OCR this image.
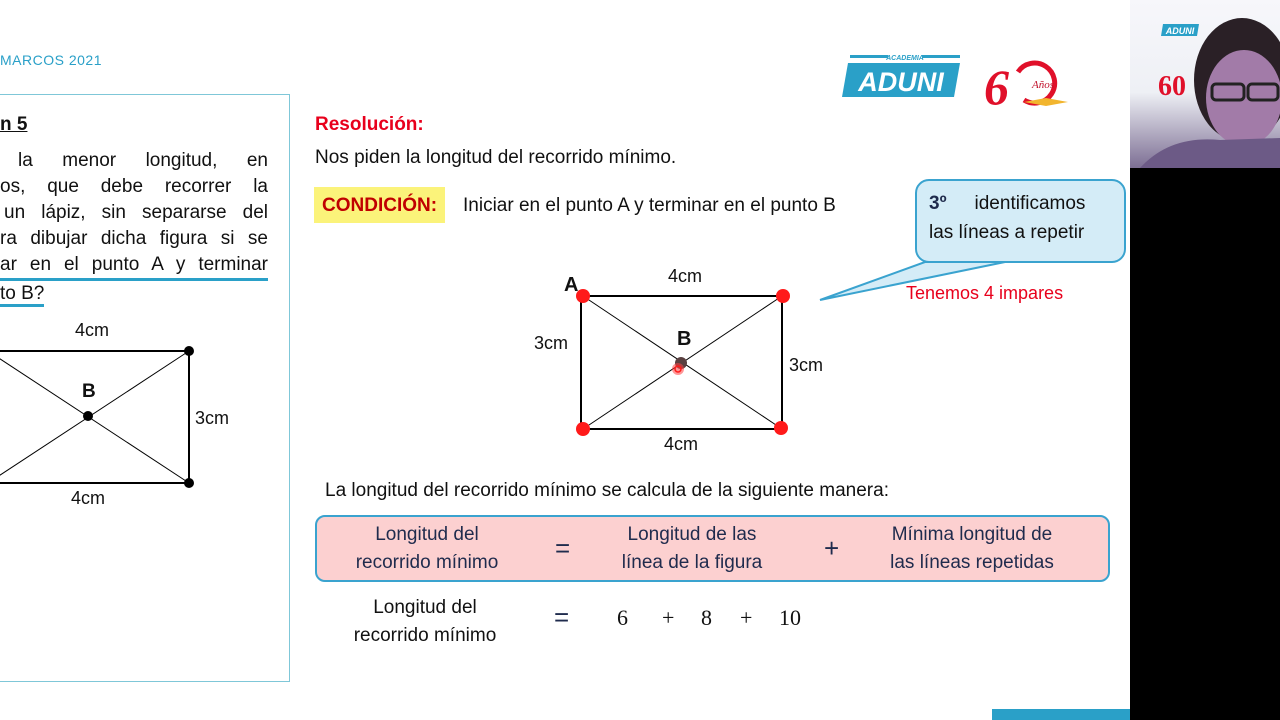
MARCOS 2021	ACADEMIA
ADUNI 6 Años
n 5
la menor longitud, en
os, que debe recorrer la
un lápiz, sin separarse del
ra dibujar dicha figura si se
ar en el punto A y terminar
to B?
4cm
B
3cm
4cm
Resolución:
Nos piden la longitud del recorrido mínimo.
CONDICIÓN:	Iniciar en el punto A y terminar en el punto B	3º identificamos
las líneas a repetir
Tenemos 4 impares
A
B
4cm
3cm
3cm
4cm
La longitud del recorrido mínimo se calcula de la siguiente manera:
Longitud del
recorrido mínimo	=	Longitud de las
línea de la figura	+	Mínima longitud de
las líneas repetidas
Longitud del
recorrido mínimo
= 6 + 8 + 10
ADUNI
60
